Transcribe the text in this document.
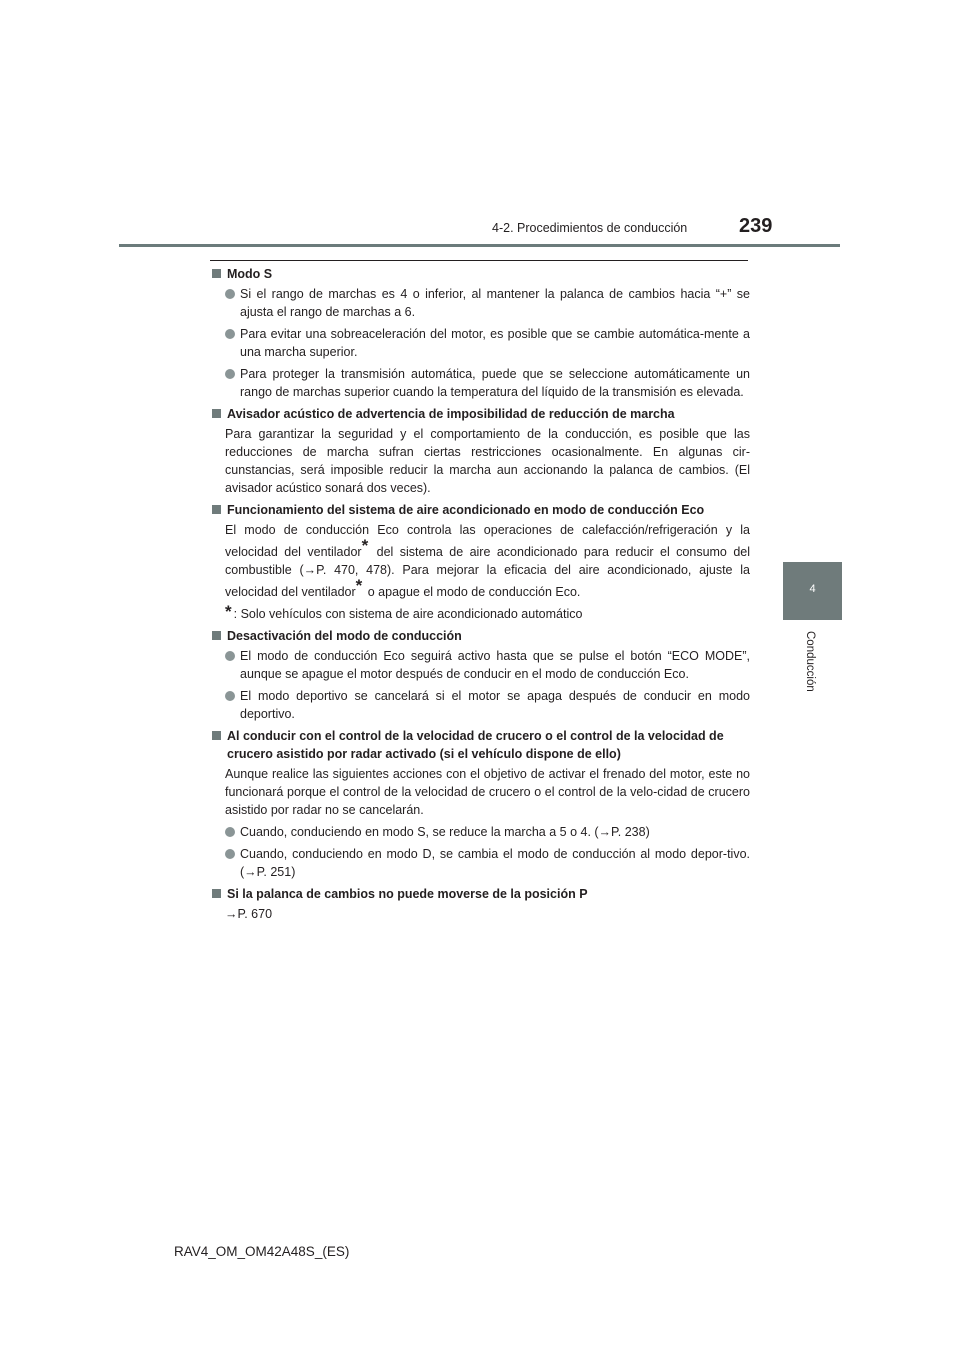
4-2. Procedimientos de conducción	239
4
Conducción
Modo S
Si el rango de marchas es 4 o inferior, al mantener la palanca de cambios hacia “+” se ajusta el rango de marchas a 6.
Para evitar una sobreaceleración del motor, es posible que se cambie automática-mente a una marcha superior.
Para proteger la transmisión automática, puede que se seleccione automáticamente un rango de marchas superior cuando la temperatura del líquido de la transmisión es elevada.
Avisador acústico de advertencia de imposibilidad de reducción de marcha
Para garantizar la seguridad y el comportamiento de la conducción, es posible que las reducciones de marcha sufran ciertas restricciones ocasionalmente. En algunas cir-cunstancias, será imposible reducir la marcha aun accionando la palanca de cambios. (El avisador acústico sonará dos veces).
Funcionamiento del sistema de aire acondicionado en modo de conducción Eco
El modo de conducción Eco controla las operaciones de calefacción/refrigeración y la velocidad del ventilador* del sistema de aire acondicionado para reducir el consumo del combustible (→P. 470, 478). Para mejorar la eficacia del aire acondicionado, ajuste la velocidad del ventilador* o apague el modo de conducción Eco.
* : Solo vehículos con sistema de aire acondicionado automático
Desactivación del modo de conducción
El modo de conducción Eco seguirá activo hasta que se pulse el botón “ECO MODE”, aunque se apague el motor después de conducir en el modo de conducción Eco.
El modo deportivo se cancelará si el motor se apaga después de conducir en modo deportivo.
Al conducir con el control de la velocidad de crucero o el control de la velocidad de crucero asistido por radar activado (si el vehículo dispone de ello)
Aunque realice las siguientes acciones con el objetivo de activar el frenado del motor, este no funcionará porque el control de la velocidad de crucero o el control de la velo-cidad de crucero asistido por radar no se cancelarán.
Cuando, conduciendo en modo S, se reduce la marcha a 5 o 4. (→P. 238)
Cuando, conduciendo en modo D, se cambia el modo de conducción al modo depor-tivo. (→P. 251)
Si la palanca de cambios no puede moverse de la posición P
→P. 670
RAV4_OM_OM42A48S_(ES)
